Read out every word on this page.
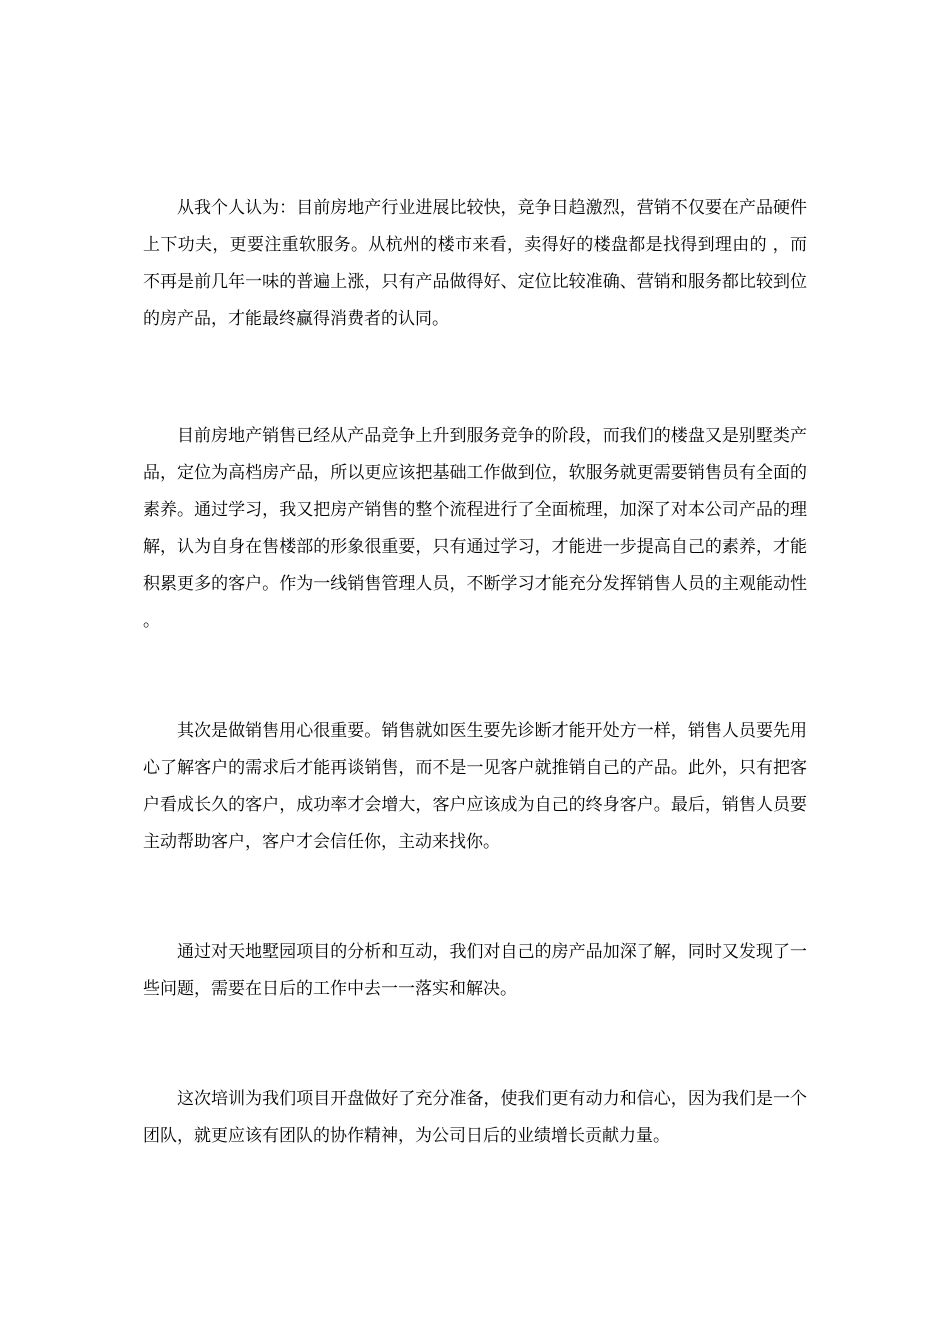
从我个人认为：目前房地产行业进展比较快，竞争日趋激烈，营销不仅要在产品硬件上下功夫，更要注重软服务。从杭州的楼市来看，卖得好的楼盘都是找得到理由的 ，而不再是前几年一味的普遍上涨，只有产品做得好、定位比较准确、营销和服务都比较到位的房产品，才能最终赢得消费者的认同。

目前房地产销售已经从产品竞争上升到服务竞争的阶段，而我们的楼盘又是别墅类产品，定位为高档房产品，所以更应该把基础工作做到位，软服务就更需要销售员有全面的素养。通过学习，我又把房产销售的整个流程进行了全面梳理，加深了对本公司产品的理解，认为自身在售楼部的形象很重要，只有通过学习，才能进一步提高自己的素养，才能积累更多的客户。作为一线销售管理人员，不断学习才能充分发挥销售人员的主观能动性。

其次是做销售用心很重要。销售就如医生要先诊断才能开处方一样，销售人员要先用心了解客户的需求后才能再谈销售，而不是一见客户就推销自己的产品。此外，只有把客户看成长久的客户，成功率才会增大，客户应该成为自己的终身客户。最后，销售人员要主动帮助客户，客户才会信任你，主动来找你。

通过对天地墅园项目的分析和互动，我们对自己的房产品加深了解，同时又发现了一些问题，需要在日后的工作中去一一落实和解决。

这次培训为我们项目开盘做好了充分准备，使我们更有动力和信心，因为我们是一个团队，就更应该有团队的协作精神，为公司日后的业绩增长贡献力量。
